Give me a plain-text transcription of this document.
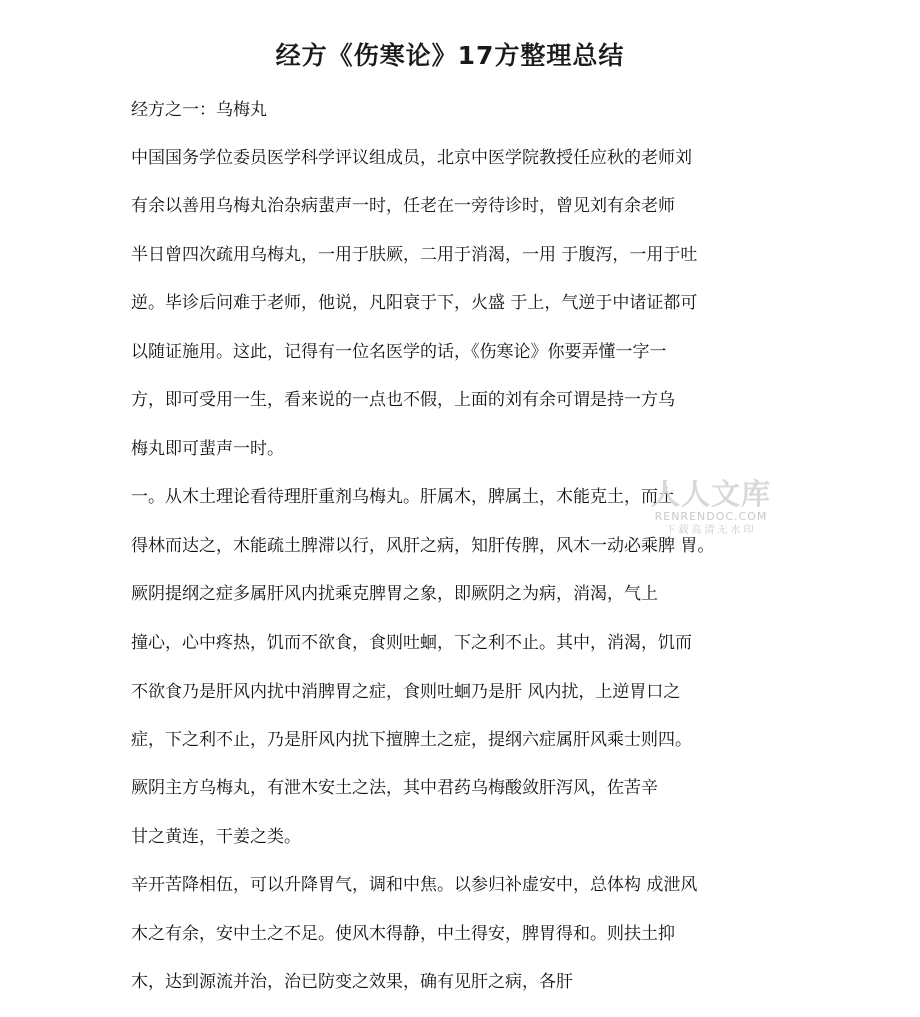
经方《伤寒论》17方整理总结

经方之一：乌梅丸

中国国务学位委员医学科学评议组成员，北京中医学院教授任应秋的老师刘

有余以善用乌梅丸治杂病蜚声一时，任老在一旁待诊时，曾见刘有余老师

半日曾四次疏用乌梅丸，一用于肤厥，二用于消渴，一用 于腹泻，一用于吐

逆。毕诊后问难于老师，他说，凡阳衰于下，火盛 于上，气逆于中诸证都可

以随证施用。这此，记得有一位名医学的话，《伤寒论》你要弄懂一字一

方，即可受用一生，看来说的一点也不假，上面的刘有余可谓是持一方乌

梅丸即可蜚声一时。

一。从木土理论看待理肝重剂乌梅丸。肝属木，脾属土，木能克土，而土

得林而达之，木能疏土脾滞以行，风肝之病，知肝传脾，风木一动必乘脾 胃。

厥阴提纲之症多属肝风内扰乘克脾胃之象，即厥阴之为病，消渴，气上

撞心，心中疼热，饥而不欲食，食则吐蛔，下之利不止。其中，消渴，饥而

不欲食乃是肝风内扰中消脾胃之症，食则吐蛔乃是肝 风内扰，上逆胃口之

症，下之利不止，乃是肝风内扰下擅脾土之症，提纲六症属肝风乘士则四。

厥阴主方乌梅丸，有泄木安土之法，其中君药乌梅酸敛肝泻风，佐苦辛

甘之黄连，干姜之类。

辛开苦降相伍，可以升降胃气，调和中焦。以参归补虚安中，总体构 成泄风

木之有余，安中土之不足。使风木得静，中土得安，脾胃得和。则扶土抑

木，达到源流并治，治已防变之效果，确有见肝之病，各肝

人人文库
RENRENDOC.COM
下载高清无水印
